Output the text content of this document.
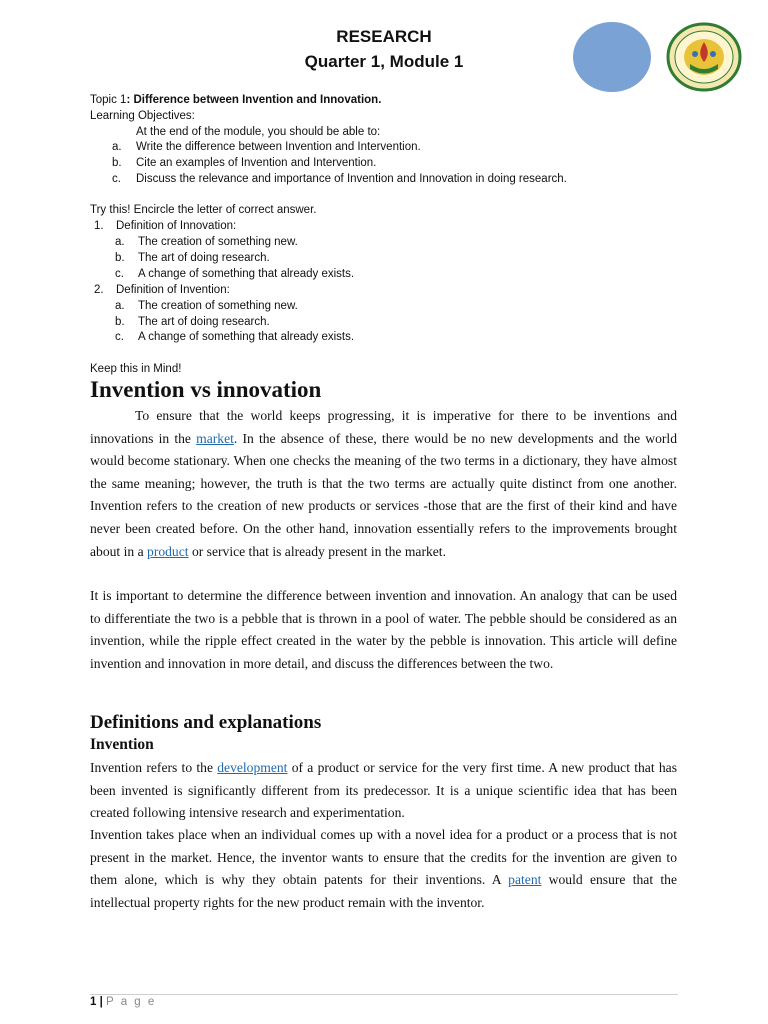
RESEARCH
Quarter 1, Module 1
Topic 1: Difference between Invention and Innovation.
Learning Objectives:
At the end of the module, you should be able to:
a. Write the difference between Invention and Intervention.
b. Cite an examples of Invention and Intervention.
c. Discuss the relevance and importance of Invention and Innovation in doing research.
Try this! Encircle the letter of correct answer.
1. Definition of Innovation:
a. The creation of something new.
b. The art of doing research.
c. A change of something that already exists.
2. Definition of Invention:
a. The creation of something new.
b. The art of doing research.
c. A change of something that already exists.
Keep this in Mind!
Invention vs innovation
To ensure that the world keeps progressing, it is imperative for there to be inventions and innovations in the market. In the absence of these, there would be no new developments and the world would become stationary. When one checks the meaning of the two terms in a dictionary, they have almost the same meaning; however, the truth is that the two terms are actually quite distinct from one another. Invention refers to the creation of new products or services -those that are the first of their kind and have never been created before. On the other hand, innovation essentially refers to the improvements brought about in a product or service that is already present in the market.
It is important to determine the difference between invention and innovation. An analogy that can be used to differentiate the two is a pebble that is thrown in a pool of water. The pebble should be considered as an invention, while the ripple effect created in the water by the pebble is innovation. This article will define invention and innovation in more detail, and discuss the differences between the two.
Definitions and explanations
Invention
Invention refers to the development of a product or service for the very first time. A new product that has been invented is significantly different from its predecessor. It is a unique scientific idea that has been created following intensive research and experimentation.
Invention takes place when an individual comes up with a novel idea for a product or a process that is not present in the market. Hence, the inventor wants to ensure that the credits for the invention are given to them alone, which is why they obtain patents for their inventions. A patent would ensure that the intellectual property rights for the new product remain with the inventor.
1 | P a g e
